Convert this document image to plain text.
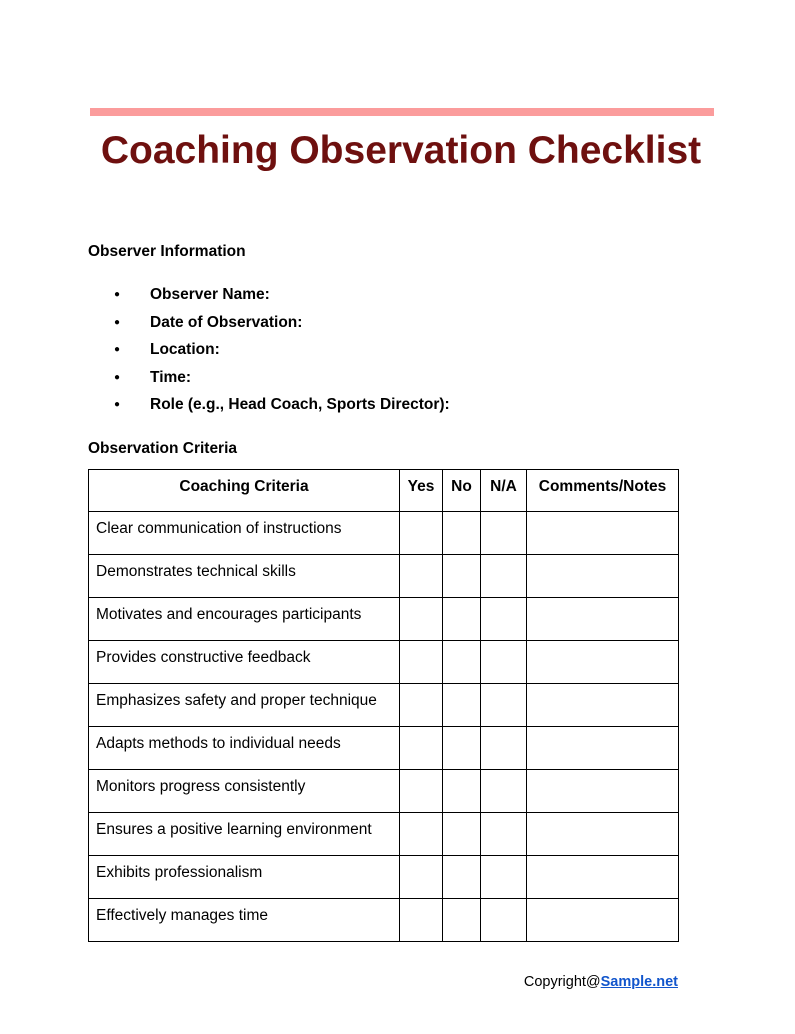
Coaching Observation Checklist
Observer Information
● Observer Name:
● Date of Observation:
● Location:
● Time:
● Role (e.g., Head Coach, Sports Director):
Observation Criteria
Coaching Criteria	Yes	No	N/A	Comments/Notes
Clear communication of instructions				
Demonstrates technical skills				
Motivates and encourages participants				
Provides constructive feedback				
Emphasizes safety and proper technique				
Adapts methods to individual needs				
Monitors progress consistently				
Ensures a positive learning environment				
Exhibits professionalism				
Effectively manages time				
Copyright@Sample.net
